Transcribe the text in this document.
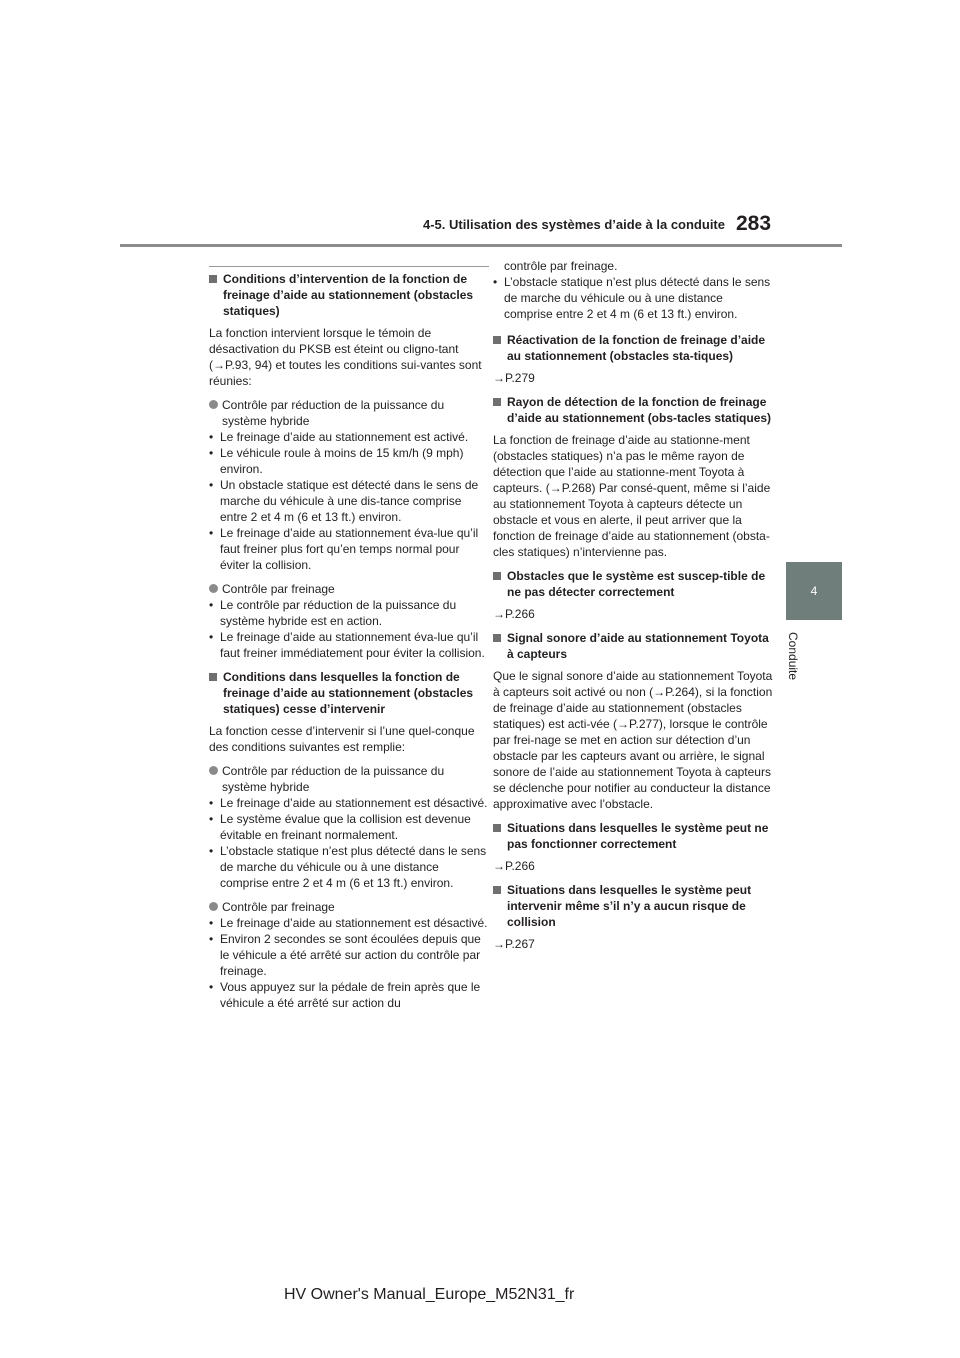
4-5. Utilisation des systèmes d’aide à la conduite 283
4
Conduite
Conditions d’intervention de la fonction de freinage d’aide au stationnement (obstacles statiques)
La fonction intervient lorsque le témoin de désactivation du PKSB est éteint ou cligno-tant (→P.93, 94) et toutes les conditions sui-vantes sont réunies:
Contrôle par réduction de la puissance du système hybride
• Le freinage d’aide au stationnement est activé.
• Le véhicule roule à moins de 15 km/h (9 mph) environ.
• Un obstacle statique est détecté dans le sens de marche du véhicule à une dis-tance comprise entre 2 et 4 m (6 et 13 ft.) environ.
• Le freinage d’aide au stationnement éva-lue qu’il faut freiner plus fort qu’en temps normal pour éviter la collision.
Contrôle par freinage
• Le contrôle par réduction de la puissance du système hybride est en action.
• Le freinage d’aide au stationnement éva-lue qu’il faut freiner immédiatement pour éviter la collision.
Conditions dans lesquelles la fonction de freinage d’aide au stationnement (obstacles statiques) cesse d’intervenir
La fonction cesse d’intervenir si l’une quel-conque des conditions suivantes est remplie:
Contrôle par réduction de la puissance du système hybride
• Le freinage d’aide au stationnement est désactivé.
• Le système évalue que la collision est devenue évitable en freinant normalement.
• L’obstacle statique n’est plus détecté dans le sens de marche du véhicule ou à une distance comprise entre 2 et 4 m (6 et 13 ft.) environ.
Contrôle par freinage
• Le freinage d’aide au stationnement est désactivé.
• Environ 2 secondes se sont écoulées depuis que le véhicule a été arrêté sur action du contrôle par freinage.
• Vous appuyez sur la pédale de frein après que le véhicule a été arrêté sur action du
contrôle par freinage.
• L’obstacle statique n’est plus détecté dans le sens de marche du véhicule ou à une distance comprise entre 2 et 4 m (6 et 13 ft.) environ.
Réactivation de la fonction de freinage d’aide au stationnement (obstacles sta-tiques)
→P.279
Rayon de détection de la fonction de freinage d’aide au stationnement (obs-tacles statiques)
La fonction de freinage d’aide au stationne-ment (obstacles statiques) n’a pas le même rayon de détection que l’aide au stationne-ment Toyota à capteurs. (→P.268) Par consé-quent, même si l’aide au stationnement Toyota à capteurs détecte un obstacle et vous en alerte, il peut arriver que la fonction de freinage d’aide au stationnement (obsta-cles statiques) n’intervienne pas.
Obstacles que le système est suscep-tible de ne pas détecter correctement
→P.266
Signal sonore d’aide au stationnement Toyota à capteurs
Que le signal sonore d’aide au stationnement Toyota à capteurs soit activé ou non (→P.264), si la fonction de freinage d’aide au stationnement (obstacles statiques) est acti-vée (→P.277), lorsque le contrôle par frei-nage se met en action sur détection d’un obstacle par les capteurs avant ou arrière, le signal sonore de l’aide au stationnement Toyota à capteurs se déclenche pour notifier au conducteur la distance approximative avec l’obstacle.
Situations dans lesquelles le système peut ne pas fonctionner correctement
→P.266
Situations dans lesquelles le système peut intervenir même s’il n’y a aucun risque de collision
→P.267
HV Owner's Manual_Europe_M52N31_fr
